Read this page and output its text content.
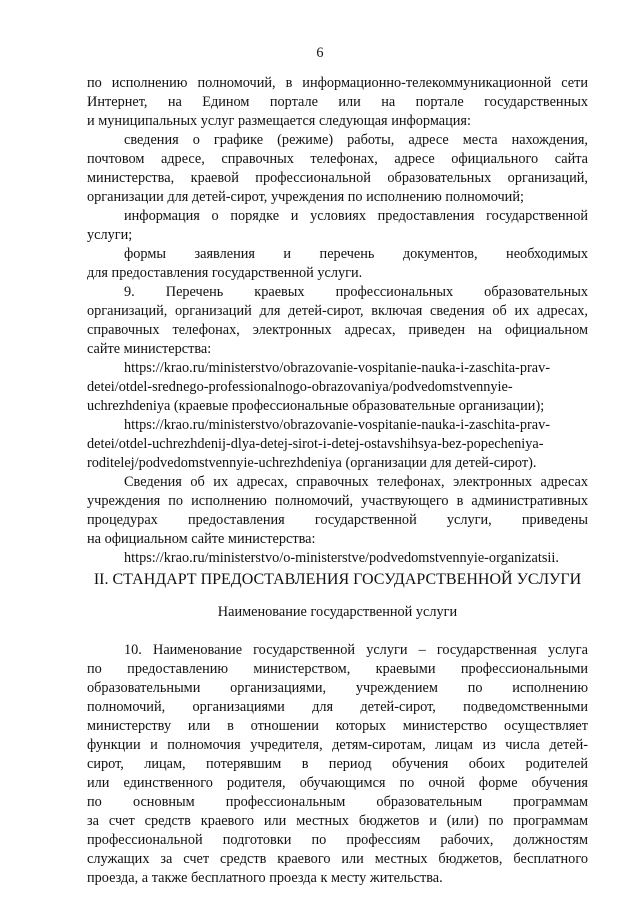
6
по исполнению полномочий, в информационно-телекоммуникационной сети
Интернет, на Едином портале или на портале государственных
и муниципальных услуг размещается следующая информация:
сведения о графике (режиме) работы, адресе места нахождения,
почтовом адресе, справочных телефонах, адресе официального сайта
министерства, краевой профессиональной образовательных организаций,
организации для детей-сирот, учреждения по исполнению полномочий;
информация о порядке и условиях предоставления государственной
услуги;
формы заявления и перечень документов, необходимых
для предоставления государственной услуги.
9. Перечень краевых профессиональных образовательных
организаций, организаций для детей-сирот, включая сведения об их адресах,
справочных телефонах, электронных адресах, приведен на официальном
сайте министерства:
https://krao.ru/ministerstvo/obrazovanie-vospitanie-nauka-i-zaschita-prav-
detei/otdel-srednego-professionalnogo-obrazovaniya/podvedomstvennyie-
uchrezhdeniya (краевые профессиональные образовательные организации);
https://krao.ru/ministerstvo/obrazovanie-vospitanie-nauka-i-zaschita-prav-
detei/otdel-uchrezhdenij-dlya-detej-sirot-i-detej-ostavshihsya-bez-popecheniya-
roditelej/podvedomstvennyie-uchrezhdeniya (организации для детей-сирот).
Сведения об их адресах, справочных телефонах, электронных адресах
учреждения по исполнению полномочий, участвующего в административных
процедурах предоставления государственной услуги, приведены
на официальном сайте министерства:
https://krao.ru/ministerstvo/o-ministerstve/podvedomstvennyie-organizatsii.
II. СТАНДАРТ ПРЕДОСТАВЛЕНИЯ ГОСУДАРСТВЕННОЙ УСЛУГИ
Наименование государственной услуги
10. Наименование государственной услуги – государственная услуга
по предоставлению министерством, краевыми профессиональными
образовательными организациями, учреждением по исполнению
полномочий, организациями для детей-сирот, подведомственными
министерству или в отношении которых министерство осуществляет
функции и полномочия учредителя, детям-сиротам, лицам из числа детей-
сирот, лицам, потерявшим в период обучения обоих родителей
или единственного родителя, обучающимся по очной форме обучения
по основным профессиональным образовательным программам
за счет средств краевого или местных бюджетов и (или) по программам
профессиональной подготовки по профессиям рабочих, должностям
служащих за счет средств краевого или местных бюджетов, бесплатного
проезда, а также бесплатного проезда к месту жительства.
